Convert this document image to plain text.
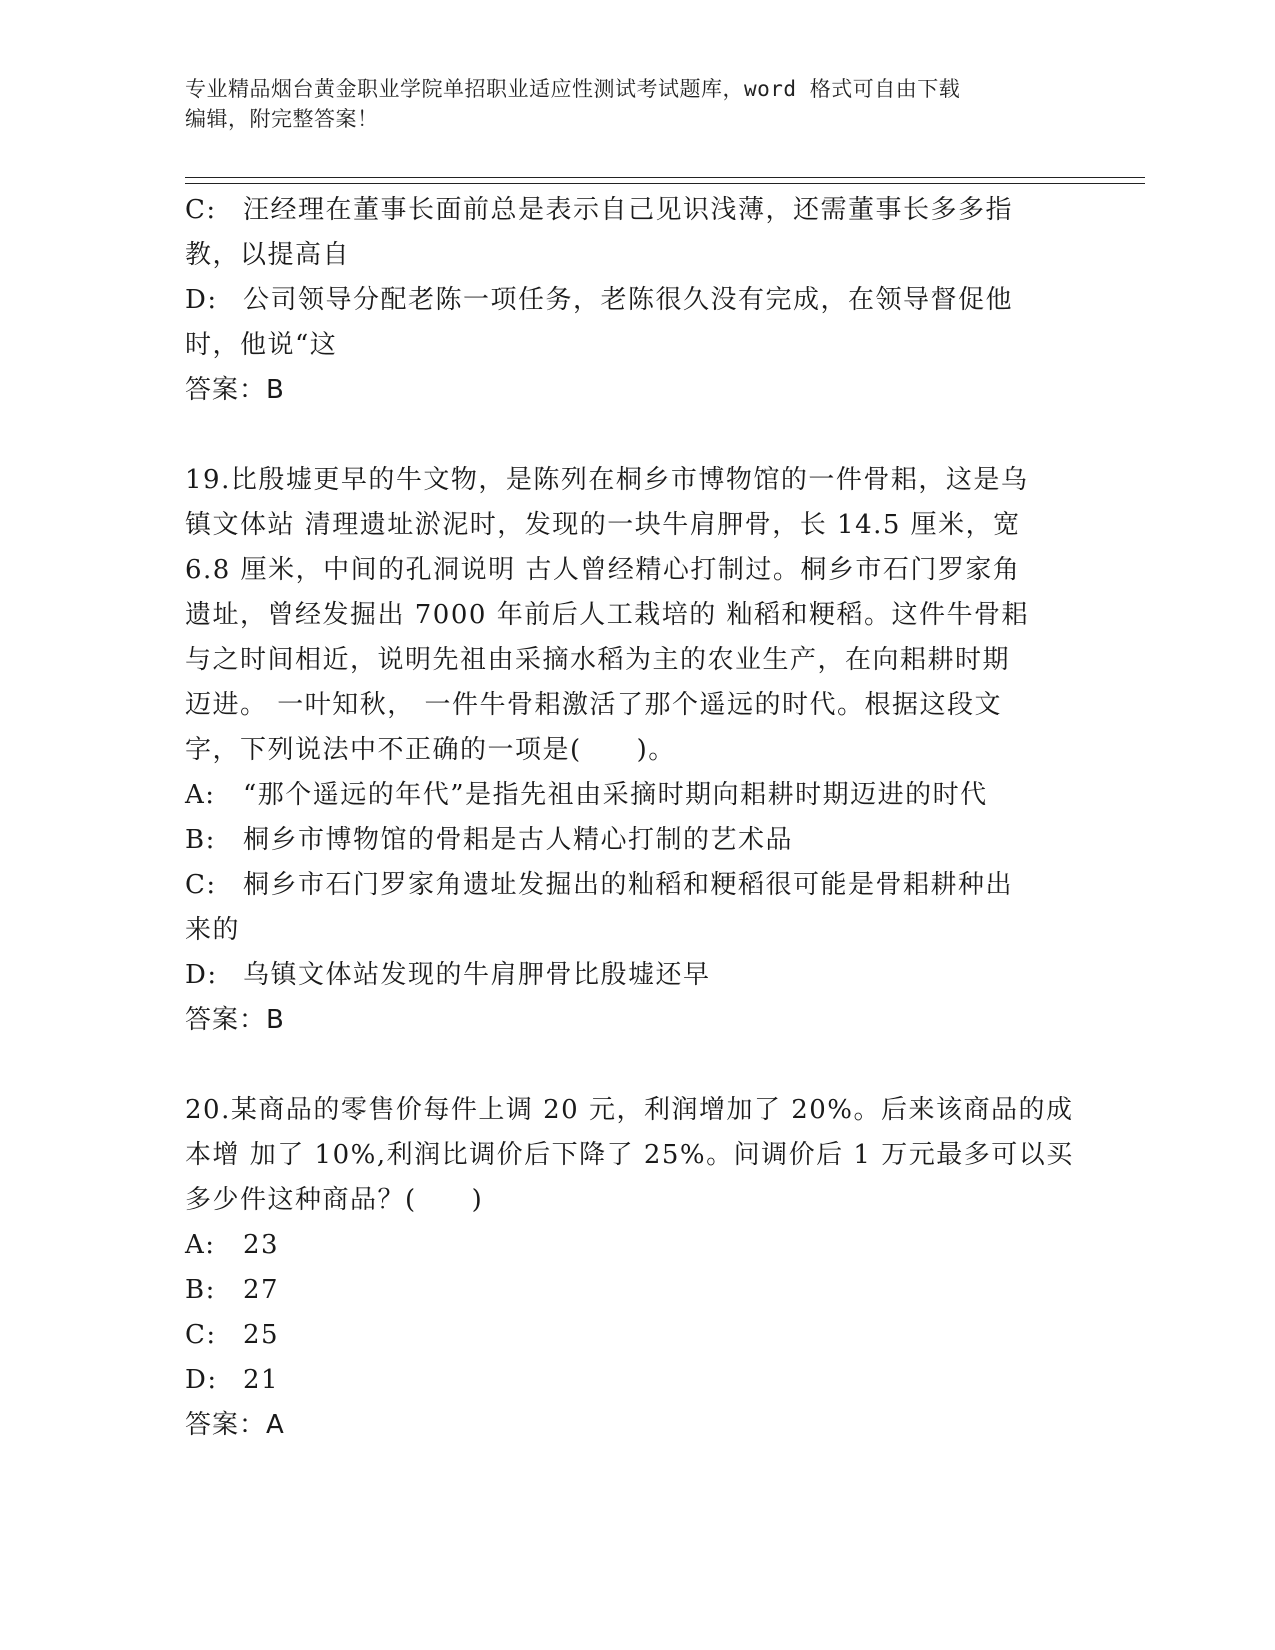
专业精品烟台黄金职业学院单招职业适应性测试考试题库，word 格式可自由下载
编辑，附完整答案！
C: 汪经理在董事长面前总是表示自己见识浅薄，还需董事长多多指
教，以提高自
D: 公司领导分配老陈一项任务，老陈很久没有完成，在领导督促他
时，他说“这
答案：B
19.比殷墟更早的牛文物，是陈列在桐乡市博物馆的一件骨耜，这是乌
镇文体站 清理遗址淤泥时，发现的一块牛肩胛骨，长 14.5 厘米，宽
6.8 厘米，中间的孔洞说明 古人曾经精心打制过。桐乡市石门罗家角
遗址，曾经发掘出 7000 年前后人工栽培的 籼稻和粳稻。这件牛骨耜
与之时间相近，说明先祖由采摘水稻为主的农业生产，在向耜耕时期
迈进。 一叶知秋， 一件牛骨耜激活了那个遥远的时代。根据这段文
字，下列说法中不正确的一项是(　　)。
A: “那个遥远的年代”是指先祖由采摘时期向耜耕时期迈进的时代
B: 桐乡市博物馆的骨耜是古人精心打制的艺术品
C: 桐乡市石门罗家角遗址发掘出的籼稻和粳稻很可能是骨耜耕种出
来的
D: 乌镇文体站发现的牛肩胛骨比殷墟还早
答案：B
20.某商品的零售价每件上调 20 元，利润增加了 20%。后来该商品的成
本增 加了 10%,利润比调价后下降了 25%。问调价后 1 万元最多可以买
多少件这种商品？(　　)
A: 23
B: 27
C: 25
D: 21
答案：A
